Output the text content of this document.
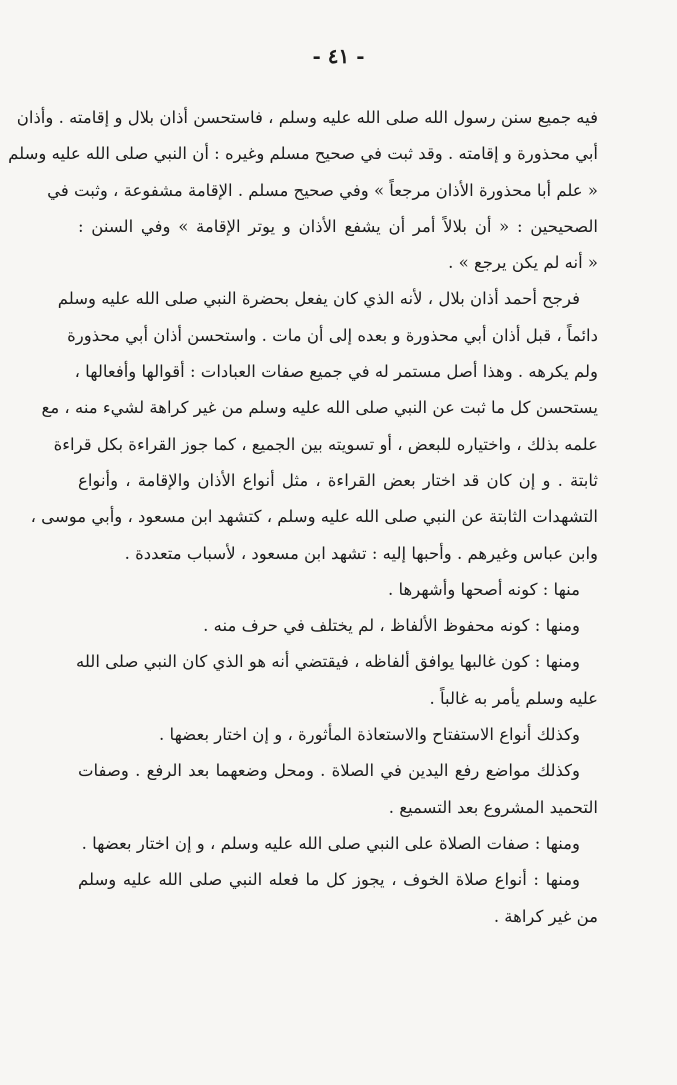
- ٤١ -
فيه جميع سنن رسول الله صلى الله عليه وسلم ، فاستحسن أذان بلال و إقامته . وأذان
أبي محذورة و إقامته . وقد ثبت في صحيح مسلم وغيره : أن النبي صلى الله عليه وسلم
« علم أبا محذورة الأذان مرجعاً » وفي صحيح مسلم . الإقامة مشفوعة ، وثبت في
الصحيحين : « أن بلالاً أمر أن يشفع الأذان و يوتر الإقامة » وفي السنن :
« أنه لم يكن يرجع » .
فرجح أحمد أذان بلال ، لأنه الذي كان يفعل بحضرة النبي صلى الله عليه وسلم
دائماً ، قبل أذان أبي محذورة و بعده إلى أن مات . واستحسن أذان أبي محذورة
ولم يكرهه . وهذا أصل مستمر له في جميع صفات العبادات : أقوالها وأفعالها ،
يستحسن كل ما ثبت عن النبي صلى الله عليه وسلم من غير كراهة لشيء منه ، مع
علمه بذلك ، واختياره للبعض ، أو تسويته بين الجميع ، كما جوز القراءة بكل قراءة
ثابتة . و إن كان قد اختار بعض القراءة ، مثل أنواع الأذان والإقامة ، وأنواع
التشهدات الثابتة عن النبي صلى الله عليه وسلم ، كتشهد ابن مسعود ، وأبي موسى ،
وابن عباس وغيرهم . وأحبها إليه : تشهد ابن مسعود ، لأسباب متعددة .
منها : كونه أصحها وأشهرها .
ومنها : كونه محفوظ الألفاظ ، لم يختلف في حرف منه .
ومنها : كون غالبها يوافق ألفاظه ، فيقتضي أنه هو الذي كان النبي صلى الله
عليه وسلم يأمر به غالباً .
وكذلك أنواع الاستفتاح والاستعاذة المأثورة ، و إن اختار بعضها .
وكذلك مواضع رفع اليدين في الصلاة . ومحل وضعهما بعد الرفع . وصفات
التحميد المشروع بعد التسميع .
ومنها : صفات الصلاة على النبي صلى الله عليه وسلم ، و إن اختار بعضها .
ومنها : أنواع صلاة الخوف ، يجوز كل ما فعله النبي صلى الله عليه وسلم
من غير كراهة .
